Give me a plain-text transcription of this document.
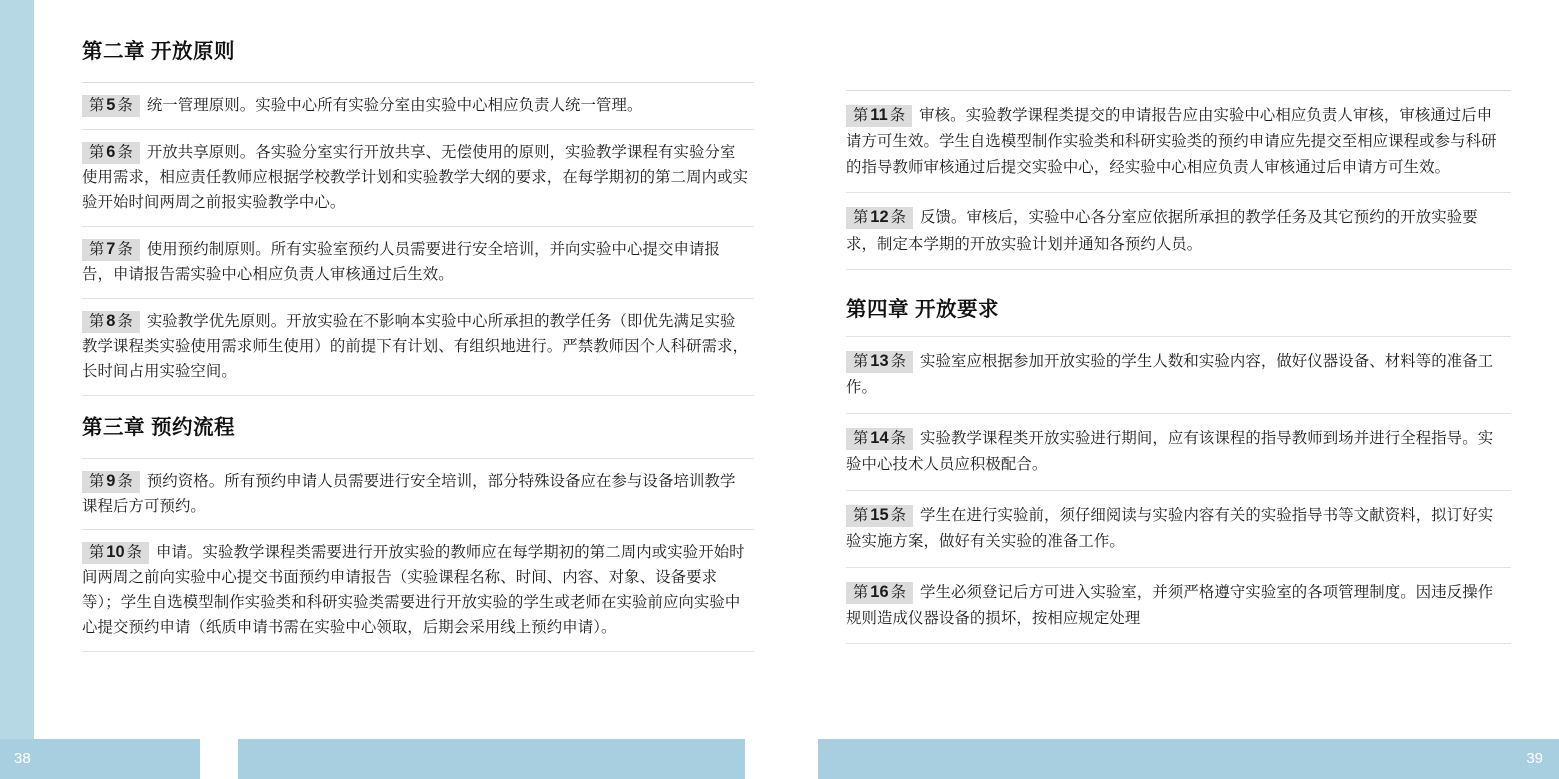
第二章 开放原则
第 5 条 统一管理原则。实验中心所有实验分室由实验中心相应负责人统一管理。
第 6 条 开放共享原则。各实验分室实行开放共享、无偿使用的原则，实验教学课程有实验分室使用需求，相应责任教师应根据学校教学计划和实验教学大纲的要求，在每学期初的第二周内或实验开始时间两周之前报实验教学中心。
第 7 条 使用预约制原则。所有实验室预约人员需要进行安全培训，并向实验中心提交申请报告，申请报告需实验中心相应负责人审核通过后生效。
第 8 条 实验教学优先原则。开放实验在不影响本实验中心所承担的教学任务（即优先满足实验教学课程类实验使用需求师生使用）的前提下有计划、有组织地进行。严禁教师因个人科研需求，长时间占用实验空间。
第三章 预约流程
第 9 条 预约资格。所有预约申请人员需要进行安全培训，部分特殊设备应在参与设备培训教学课程后方可预约。
第 10 条 申请。实验教学课程类需要进行开放实验的教师应在每学期初的第二周内或实验开始时间两周之前向实验中心提交书面预约申请报告（实验课程名称、时间、内容、对象、设备要求等）；学生自选模型制作实验类和科研实验类需要进行开放实验的学生或老师在实验前应向实验中心提交预约申请（纸质申请书需在实验中心领取，后期会采用线上预约申请）。
第 11 条 审核。实验教学课程类提交的申请报告应由实验中心相应负责人审核，审核通过后申请方可生效。学生自选模型制作实验类和科研实验类的预约申请应先提交至相应课程或参与科研的指导教师审核通过后提交实验中心，经实验中心相应负责人审核通过后申请方可生效。
第 12 条 反馈。审核后，实验中心各分室应依据所承担的教学任务及其它预约的开放实验要求，制定本学期的开放实验计划并通知各预约人员。
第四章 开放要求
第 13 条 实验室应根据参加开放实验的学生人数和实验内容，做好仪器设备、材料等的准备工作。
第 14 条 实验教学课程类开放实验进行期间，应有该课程的指导教师到场并进行全程指导。实验中心技术人员应积极配合。
第 15 条 学生在进行实验前，须仔细阅读与实验内容有关的实验指导书等文献资料，拟订好实验实施方案，做好有关实验的准备工作。
第 16 条 学生必须登记后方可进入实验室，并须严格遵守实验室的各项管理制度。因违反操作规则造成仪器设备的损坏，按相应规定处理
38	39
